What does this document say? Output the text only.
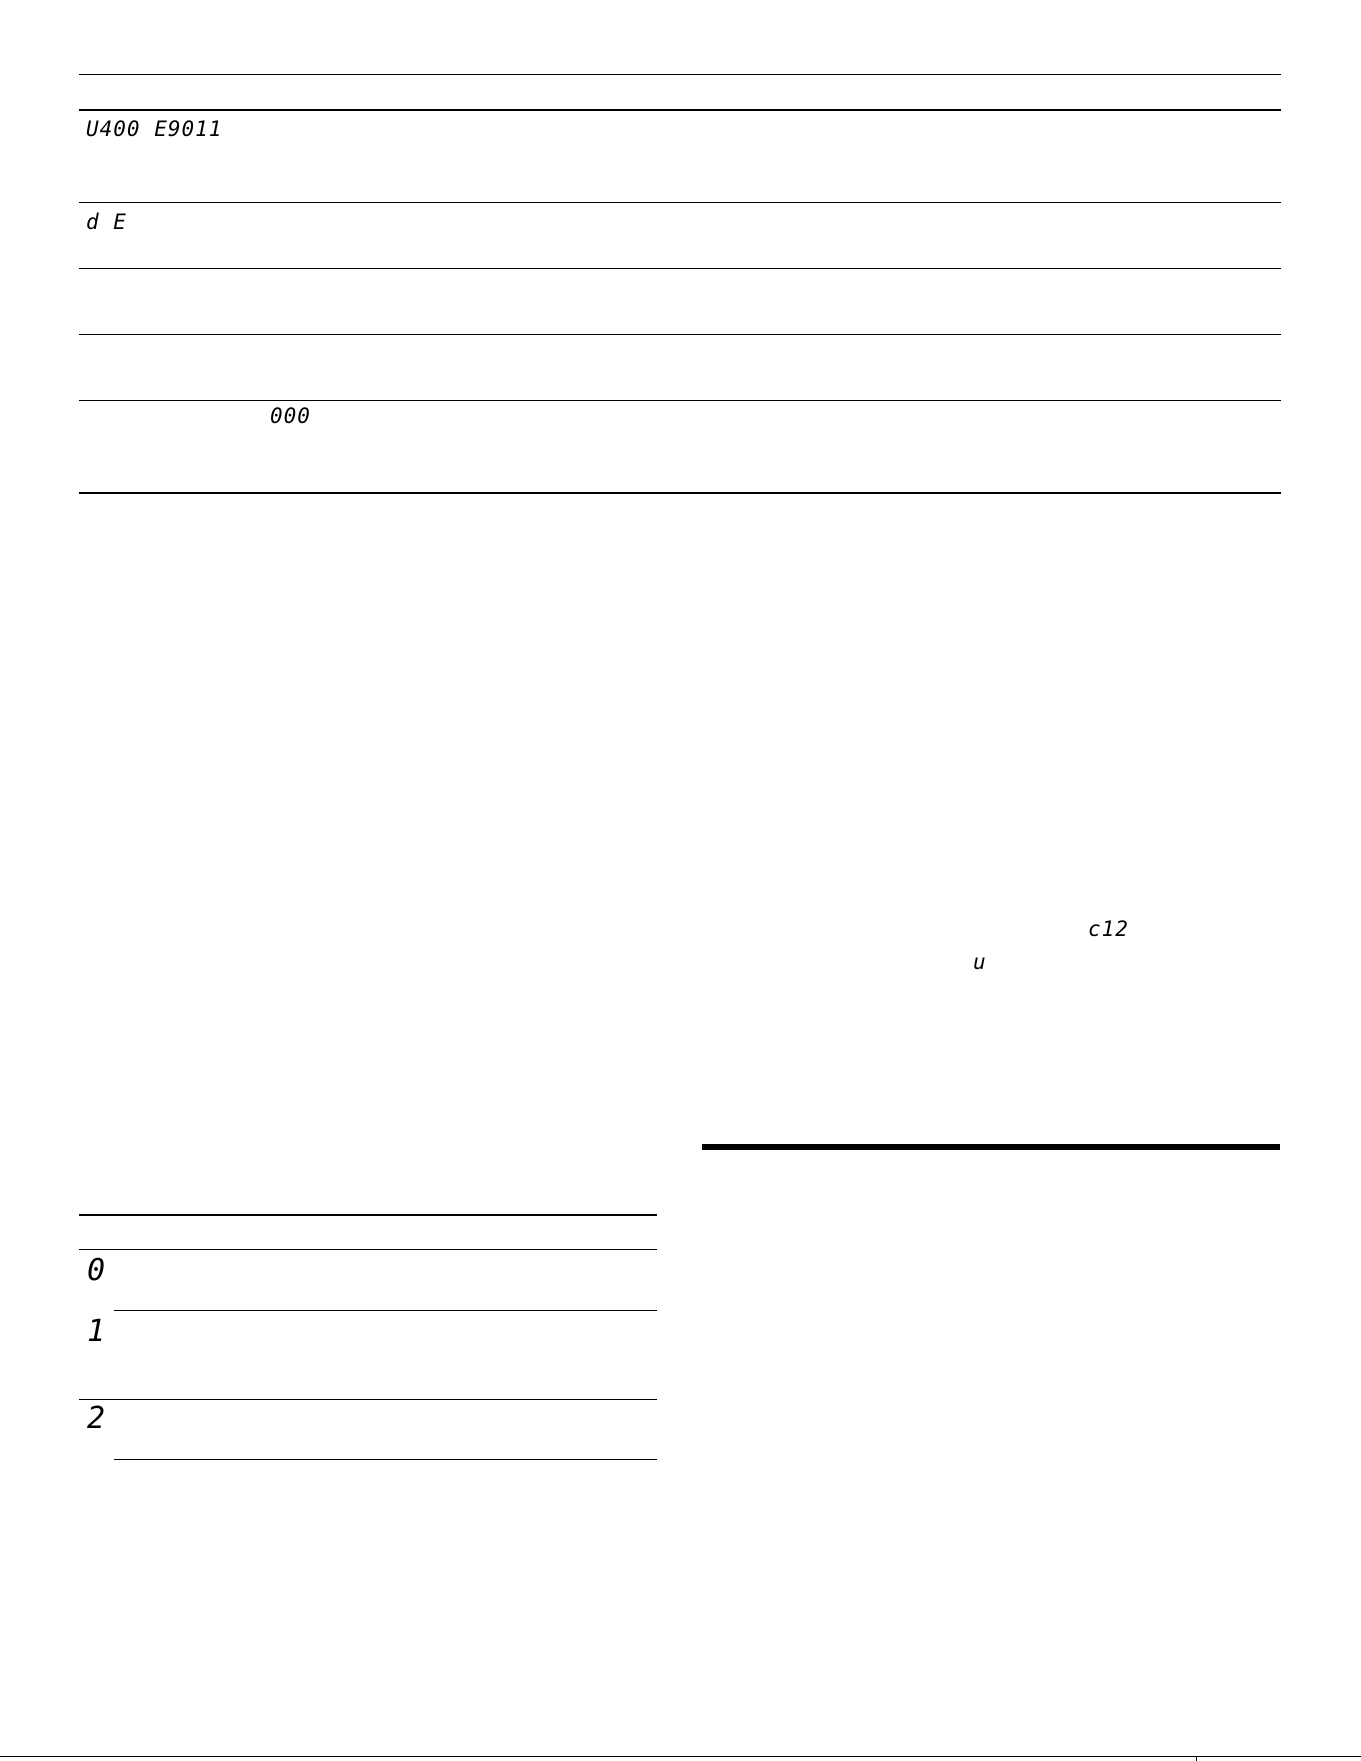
U400 E9011
d E
000
c12
u
0
1
2
